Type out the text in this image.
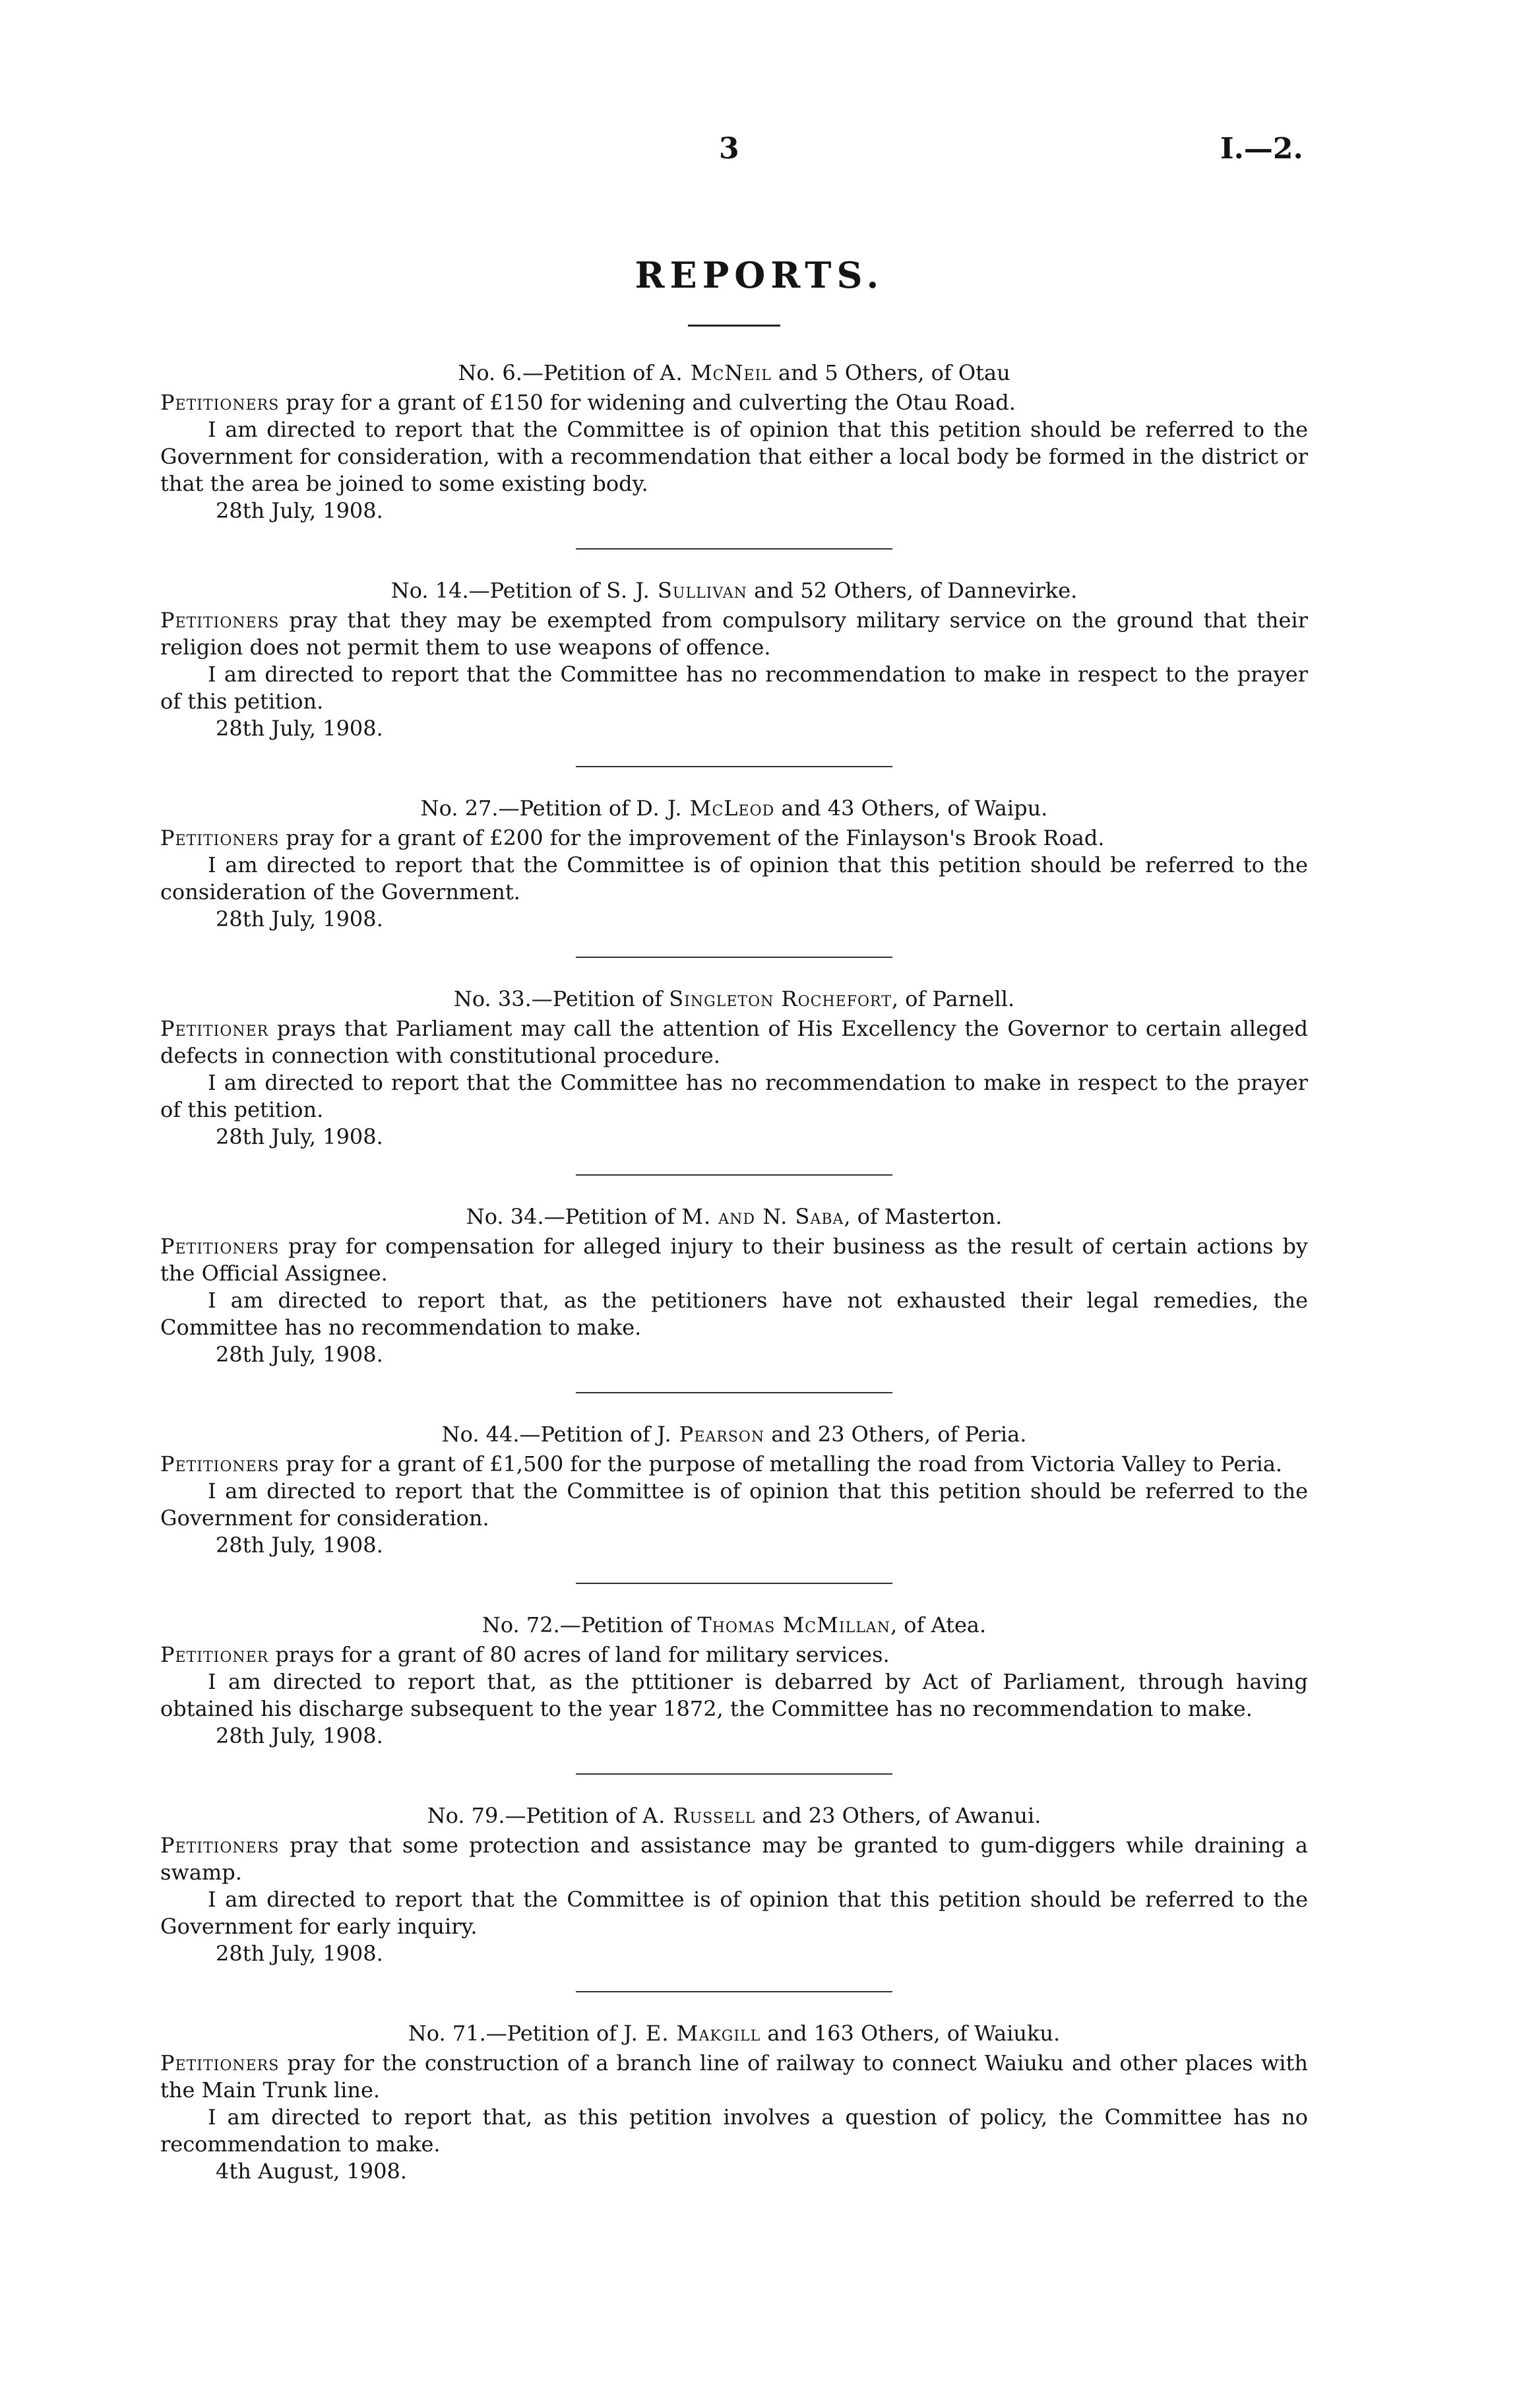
3	I.—2.
REPORTS.
No. 6.—Petition of A. McNeil and 5 Others, of Otau

Petitioners pray for a grant of £150 for widening and culverting the Otau Road.

I am directed to report that the Committee is of opinion that this petition should be referred to the Government for consideration, with a recommendation that either a local body be formed in the district or that the area be joined to some existing body.

28th July, 1908.
No. 14.—Petition of S. J. Sullivan and 52 Others, of Dannevirke.

Petitioners pray that they may be exempted from compulsory military service on the ground that their religion does not permit them to use weapons of offence.

I am directed to report that the Committee has no recommendation to make in respect to the prayer of this petition.

28th July, 1908.
No. 27.—Petition of D. J. McLeod and 43 Others, of Waipu.

Petitioners pray for a grant of £200 for the improvement of the Finlayson's Brook Road.

I am directed to report that the Committee is of opinion that this petition should be referred to the consideration of the Government.

28th July, 1908.
No. 33.—Petition of Singleton Rochefort, of Parnell.

Petitioner prays that Parliament may call the attention of His Excellency the Governor to certain alleged defects in connection with constitutional procedure.

I am directed to report that the Committee has no recommendation to make in respect to the prayer of this petition.

28th July, 1908.
No. 34.—Petition of M. and N. Saba, of Masterton.

Petitioners pray for compensation for alleged injury to their business as the result of certain actions by the Official Assignee.

I am directed to report that, as the petitioners have not exhausted their legal remedies, the Committee has no recommendation to make.

28th July, 1908.
No. 44.—Petition of J. Pearson and 23 Others, of Peria.

Petitioners pray for a grant of £1,500 for the purpose of metalling the road from Victoria Valley to Peria.

I am directed to report that the Committee is of opinion that this petition should be referred to the Government for consideration.

28th July, 1908.
No. 72.—Petition of Thomas McMillan, of Atea.

Petitioner prays for a grant of 80 acres of land for military services.

I am directed to report that, as the pttitioner is debarred by Act of Parliament, through having obtained his discharge subsequent to the year 1872, the Committee has no recommendation to make.

28th July, 1908.
No. 79.—Petition of A. Russell and 23 Others, of Awanui.

Petitioners pray that some protection and assistance may be granted to gum-diggers while draining a swamp.

I am directed to report that the Committee is of opinion that this petition should be referred to the Government for early inquiry.

28th July, 1908.
No. 71.—Petition of J. E. Makgill and 163 Others, of Waiuku.

Petitioners pray for the construction of a branch line of railway to connect Waiuku and other places with the Main Trunk line.

I am directed to report that, as this petition involves a question of policy, the Committee has no recommendation to make.

4th August, 1908.
